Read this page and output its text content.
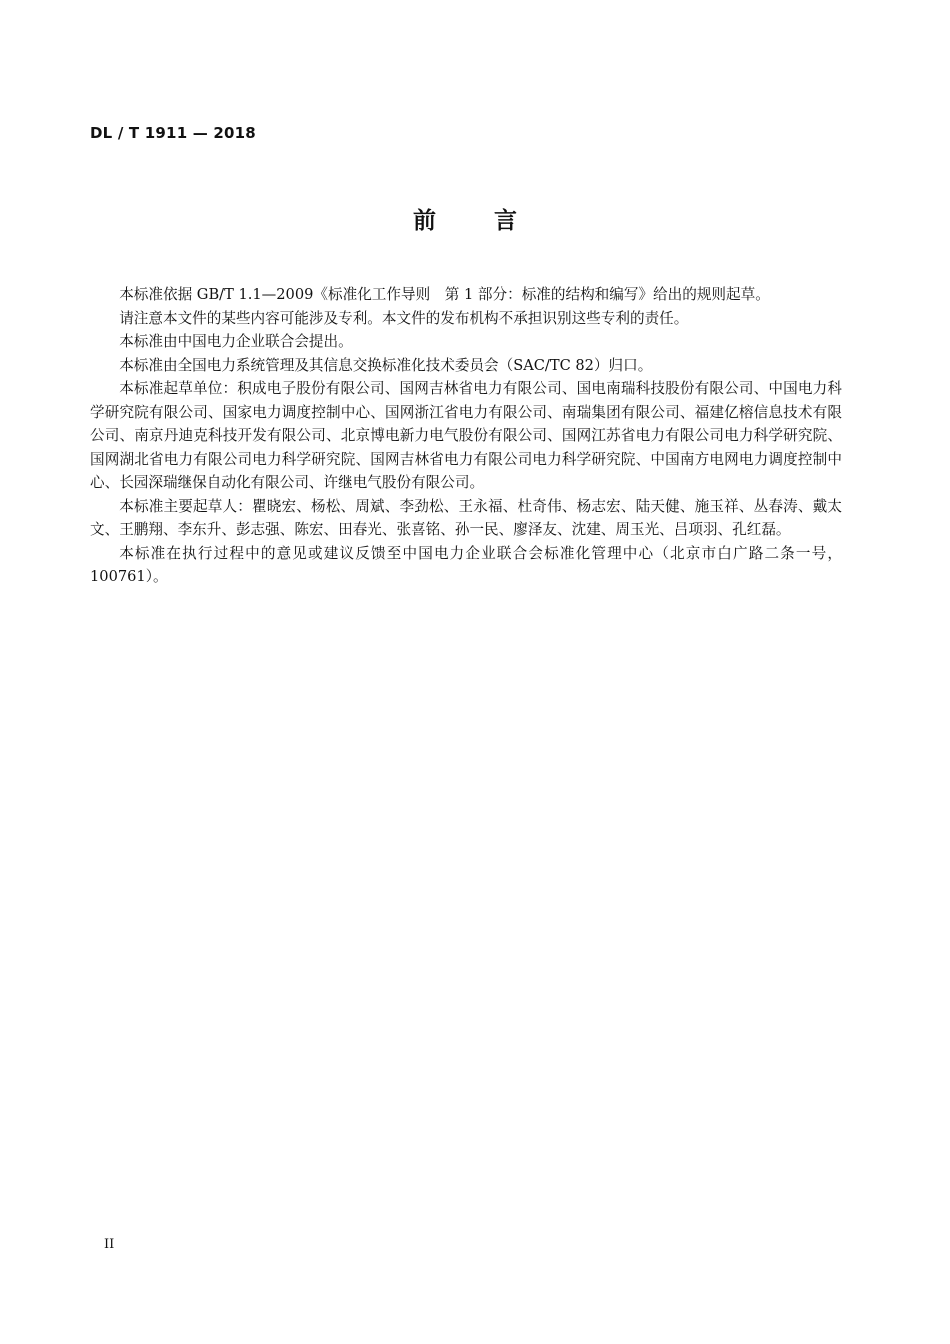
DL / T 1911 — 2018
前言

本标准依据 GB/T 1.1—2009《标准化工作导则　第 1 部分：标准的结构和编写》给出的规则起草。

请注意本文件的某些内容可能涉及专利。本文件的发布机构不承担识别这些专利的责任。

本标准由中国电力企业联合会提出。

本标准由全国电力系统管理及其信息交换标准化技术委员会（SAC/TC 82）归口。

本标准起草单位：积成电子股份有限公司、国网吉林省电力有限公司、国电南瑞科技股份有限公司、中国电力科学研究院有限公司、国家电力调度控制中心、国网浙江省电力有限公司、南瑞集团有限公司、福建亿榕信息技术有限公司、南京丹迪克科技开发有限公司、北京博电新力电气股份有限公司、国网江苏省电力有限公司电力科学研究院、国网湖北省电力有限公司电力科学研究院、国网吉林省电力有限公司电力科学研究院、中国南方电网电力调度控制中心、长园深瑞继保自动化有限公司、许继电气股份有限公司。

本标准主要起草人：瞿晓宏、杨松、周斌、李劲松、王永福、杜奇伟、杨志宏、陆天健、施玉祥、丛春涛、戴太文、王鹏翔、李东升、彭志强、陈宏、田春光、张喜铭、孙一民、廖泽友、沈建、周玉光、吕项羽、孔红磊。

本标准在执行过程中的意见或建议反馈至中国电力企业联合会标准化管理中心（北京市白广路二条一号，100761）。

II
